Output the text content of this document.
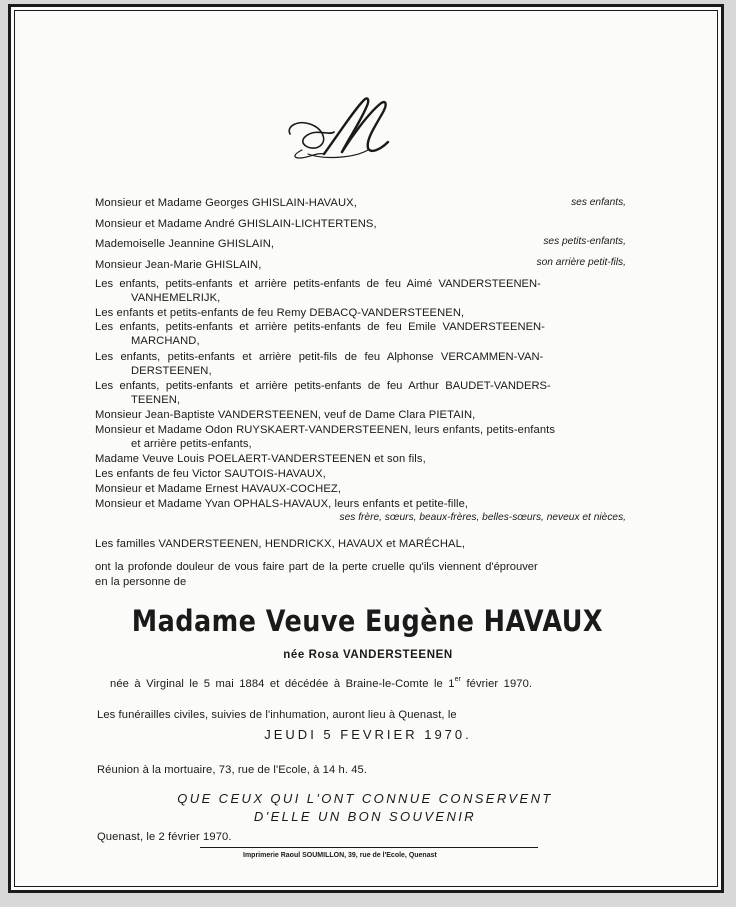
Monsieur et Madame Georges GHISLAIN-HAVAUX,	ses enfants,
Monsieur et Madame André GHISLAIN-LICHTERTENS,
Mademoiselle Jeannine GHISLAIN,	ses petits-enfants,
Monsieur Jean-Marie GHISLAIN,	son arrière petit-fils,
Les enfants, petits-enfants et arrière petits-enfants de feu Aimé VANDERSTEENEN-
VANHEMELRIJK,
Les enfants et petits-enfants de feu Remy DEBACQ-VANDERSTEENEN,
Les enfants, petits-enfants et arrière petits-enfants de feu Emile VANDERSTEENEN-
MARCHAND,
Les enfants, petits-enfants et arrière petit-fils de feu Alphonse VERCAMMEN-VAN-
DERSTEENEN,
Les enfants, petits-enfants et arrière petits-enfants de feu Arthur BAUDET-VANDERS-
TEENEN,
Monsieur Jean-Baptiste VANDERSTEENEN, veuf de Dame Clara PIETAIN,
Monsieur et Madame Odon RUYSKAERT-VANDERSTEENEN, leurs enfants, petits-enfants
et arrière petits-enfants,
Madame Veuve Louis POELAERT-VANDERSTEENEN et son fils,
Les enfants de feu Victor SAUTOIS-HAVAUX,
Monsieur et Madame Ernest HAVAUX-COCHEZ,
Monsieur et Madame Yvan OPHALS-HAVAUX, leurs enfants et petite-fille,
ses frère, sœurs, beaux-frères, belles-sœurs, neveux et nièces,
Les familles VANDERSTEENEN, HENDRICKX, HAVAUX et MARÉCHAL,
ont la profonde douleur de vous faire part de la perte cruelle qu'ils viennent d'éprouver
en la personne de
Madame Veuve Eugène HAVAUX
née Rosa VANDERSTEENEN
née à Virginal le 5 mai 1884 et décédée à Braine-le-Comte le 1er février 1970.
Les funérailles civiles, suivies de l'inhumation, auront lieu à Quenast, le
JEUDI 5 FEVRIER 1970.
Réunion à la mortuaire, 73, rue de l'Ecole, à 14 h. 45.
QUE CEUX QUI L'ONT CONNUE CONSERVENT
D'ELLE UN BON SOUVENIR
Quenast, le 2 février 1970.
Imprimerie Raoul SOUMILLON, 39, rue de l'Ecole, Quenast
